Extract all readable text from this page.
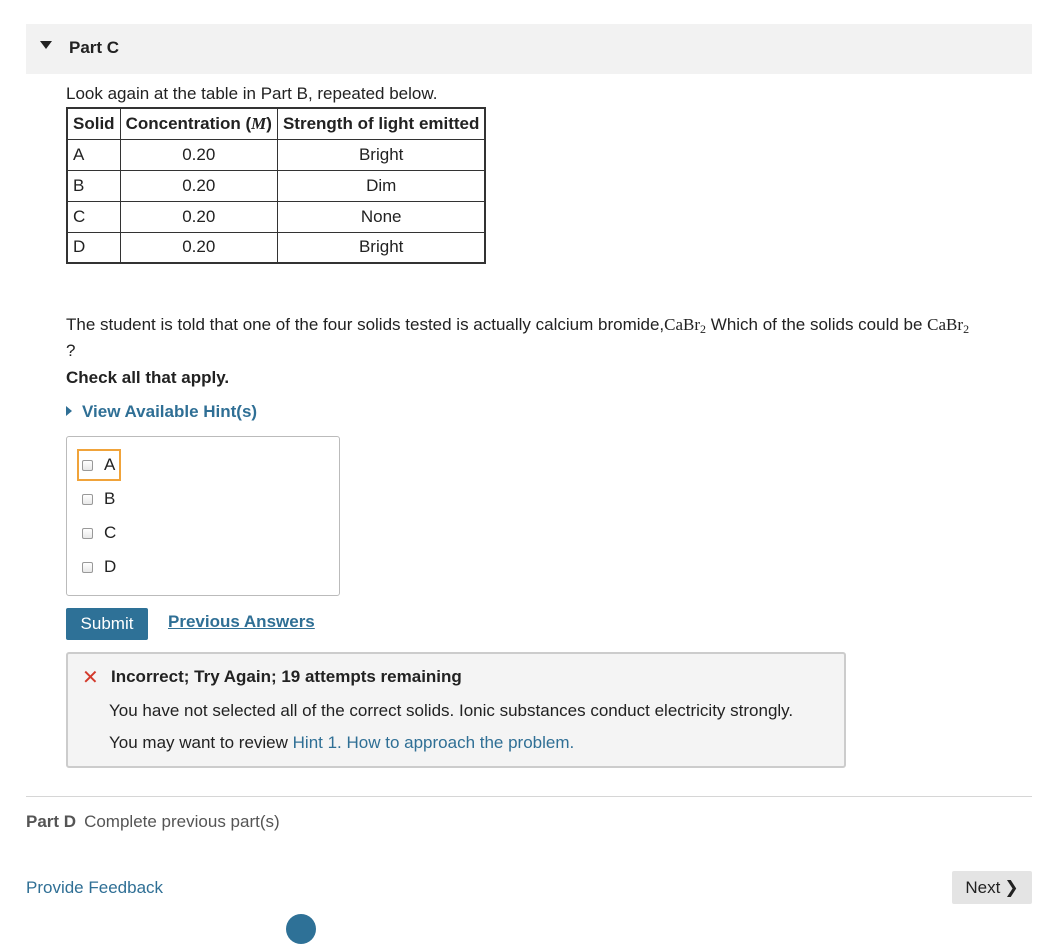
Part C
Look again at the table in Part B, repeated below.
Solid	Concentration (M)	Strength of light emitted
A	0.20	Bright
B	0.20	Dim
C	0.20	None
D	0.20	Bright
The student is told that one of the four solids tested is actually calcium bromide,CaBr$_2$ Which of the solids could be CaBr$_2$
?
Check all that apply.
View Available Hint(s)
A
B
C
D
Submit	Previous Answers
✕ Incorrect; Try Again; 19 attempts remaining
You have not selected all of the correct solids. Ionic substances conduct electricity strongly.
You may want to review Hint 1. How to approach the problem.
Part D Complete previous part(s)
Provide Feedback	Next ❯
